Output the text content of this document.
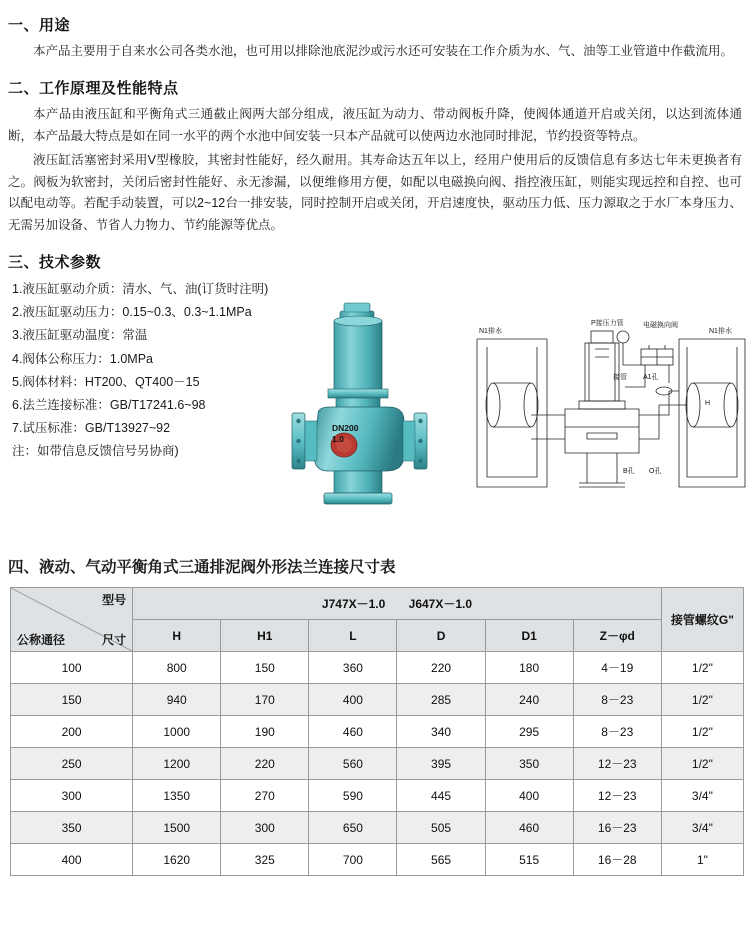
一、用途

本产品主要用于自来水公司各类水池，也可用以排除池底泥沙或污水还可安装在工作介质为水、气、油等工业管道中作截流用。

二、工作原理及性能特点

本产品由液压缸和平衡角式三通截止阀两大部分组成，液压缸为动力、带动阀板升降，使阀体通道开启或关闭，以达到流体通断，本产品最大特点是如在同一水平的两个水池中间安装一只本产品就可以使两边水池同时排泥，节约投资等特点。

液压缸活塞密封采用V型橡胶，其密封性能好，经久耐用。其寿命达五年以上，经用户使用后的反馈信息有多达七年未更换者有之。阀板为软密封，关闭后密封性能好、永无渗漏，以便维修用方便，如配以电磁换向阀、指控液压缸，则能实现远控和自控、也可以配电动等。若配手动装置，可以2~12台一排安装，同时控制开启或关闭，开启速度快，驱动压力低、压力源取之于水厂本身压力、无需另加设备、节省人力物力、节约能源等优点。

三、技术参数
1.液压缸驱动介质：清水、气、油(订货时注明)
2.液压缸驱动压力：0.15~0.3、0.3~1.1MPa
3.液压缸驱动温度：常温
4.阀体公称压力：1.0MPa
5.阀体材料：HT200、QT400－15
6.法兰连接标准：GB/T17241.6~98
7.试压标准：GB/T13927~92
注：如带信息反馈信号另协商)
DN200
1.0
N1排水	N1排水
P接压力管	电磁换向阀
接管 A1孔
H
B孔 O孔
四、液动、气动平衡角式三通排泥阀外形法兰连接尺寸表
型号
尺寸
公称通径	J747X－1.0 J647X－1.0						接管螺纹G"
	H	H1	L	D	D1	Z－φd	
100	800	150	360	220	180	4－19	1/2"
150	940	170	400	285	240	8－23	1/2"
200	1000	190	460	340	295	8－23	1/2"
250	1200	220	560	395	350	12－23	1/2"
300	1350	270	590	445	400	12－23	3/4"
350	1500	300	650	505	460	16－23	3/4"
400	1620	325	700	565	515	16－28	1"
